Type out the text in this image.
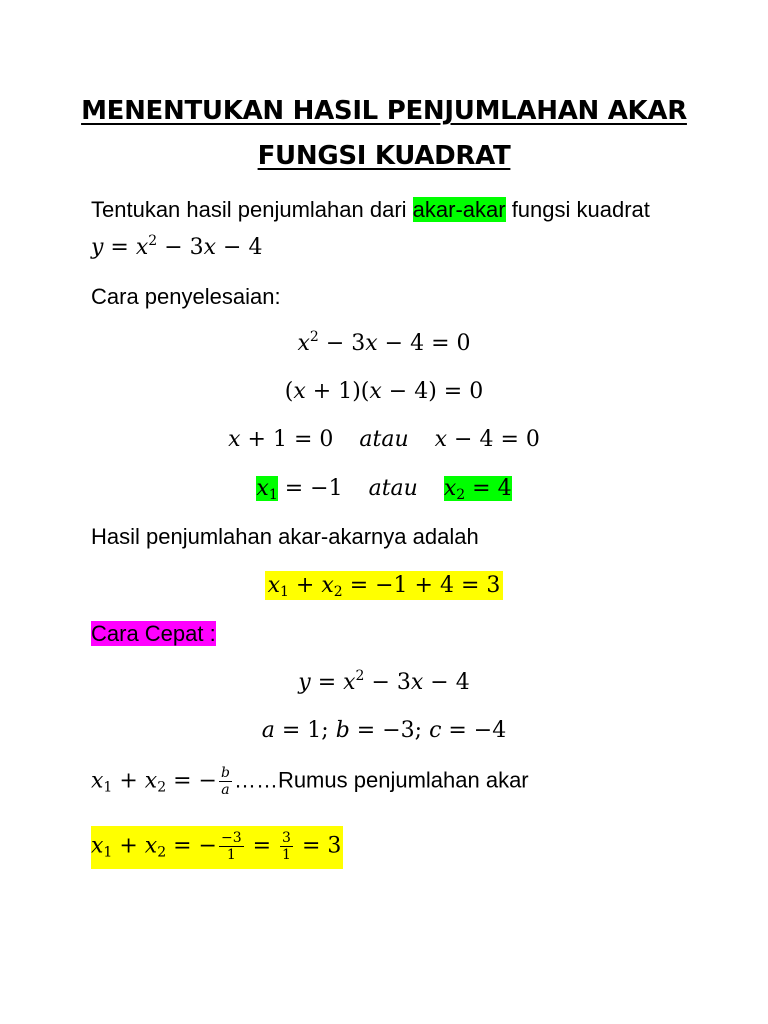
MENENTUKAN HASIL PENJUMLAHAN AKAR
FUNGSI KUADRAT
Tentukan hasil penjumlahan dari akar-akar fungsi kuadrat
$y = x^2 - 3x - 4$
Cara penyelesaian:
$x^2 - 3x - 4 = 0$
(x + 1)(x − 4) = 0
x + 1 = 0 atau x − 4 = 0
$x_1 = -1$ atau $x_2 = 4$
Hasil penjumlahan akar-akarnya adalah
$x_1 + x_2 = -1 + 4 = 3$
Cara Cepat :
$y = x^2 - 3x - 4$
a = 1; b = −3; c = −4
$x_1 + x_2$ = − $\frac{b}{a}$ ……Rumus penjumlahan akar
$x_1 + x_2$ = − $\frac{-3}{1} = \frac{3}{1} = 3$
